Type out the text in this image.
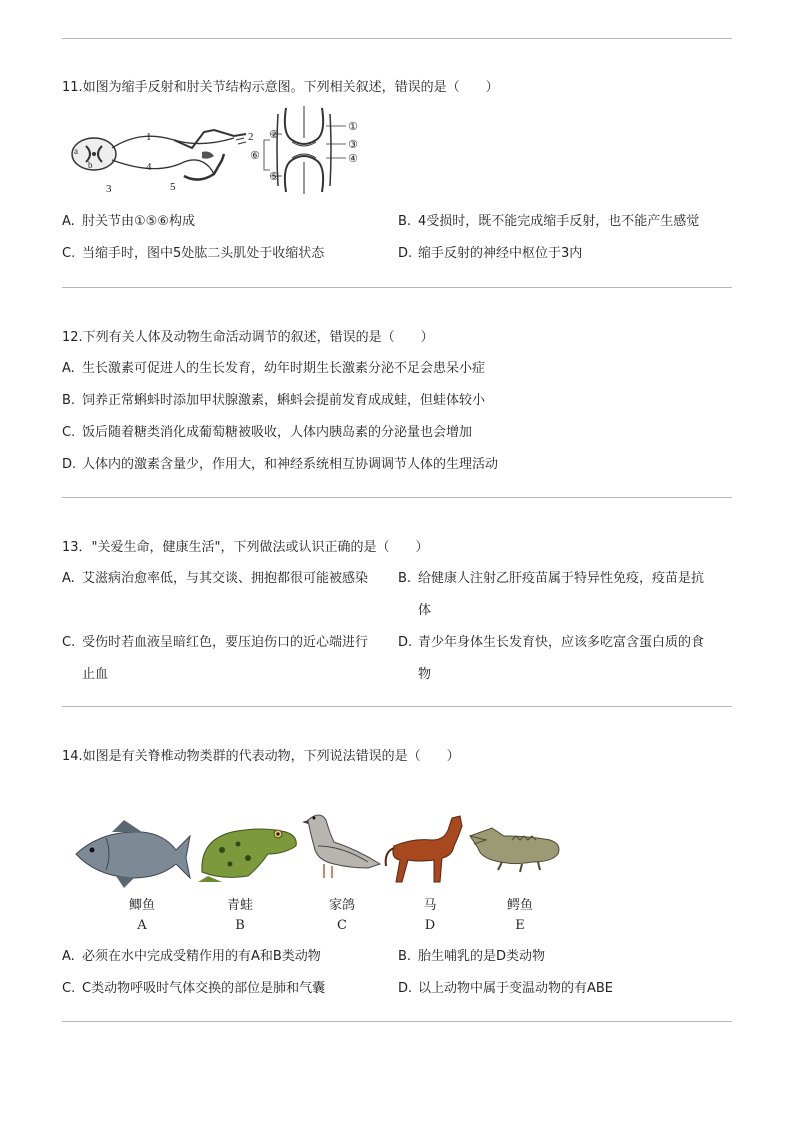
11.如图为缩手反射和肘关节结构示意图。下列相关叙述，错误的是（　　）
1	2
3
4
5
a
b
②
⑥
⑤
①
③
④
A. 肘关节由①⑤⑥构成	B. 4受损时，既不能完成缩手反射，也不能产生感觉
C. 当缩手时，图中5处肱二头肌处于收缩状态	D. 缩手反射的神经中枢位于3内
12.下列有关人体及动物生命活动调节的叙述，错误的是（　　）
A. 生长激素可促进人的生长发育，幼年时期生长激素分泌不足会患呆小症
B. 饲养正常蝌蚪时添加甲状腺激素，蝌蚪会提前发育成成蛙，但蛙体较小
C. 饭后随着糖类消化成葡萄糖被吸收，人体内胰岛素的分泌量也会增加
D. 人体内的激素含量少，作用大，和神经系统相互协调调节人体的生理活动
13．"关爱生命，健康生活"，下列做法或认识正确的是（　　）
A. 艾滋病治愈率低，与其交谈、拥抱都很可能被感染	B. 给健康人注射乙肝疫苗属于特异性免疫，疫苗是抗
体
C. 受伤时若血液呈暗红色，要压迫伤口的近心端进行
止血
D. 青少年身体生长发育快，应该多吃富含蛋白质的食
物
14.如图是有关脊椎动物类群的代表动物，下列说法错误的是（　　）
鲫鱼
A
青蛙
B
家鸽
C
马
D
鳄鱼
E
A. 必须在水中完成受精作用的有A和B类动物	B. 胎生哺乳的是D类动物
C. C类动物呼吸时气体交换的部位是肺和气囊	D. 以上动物中属于变温动物的有ABE
